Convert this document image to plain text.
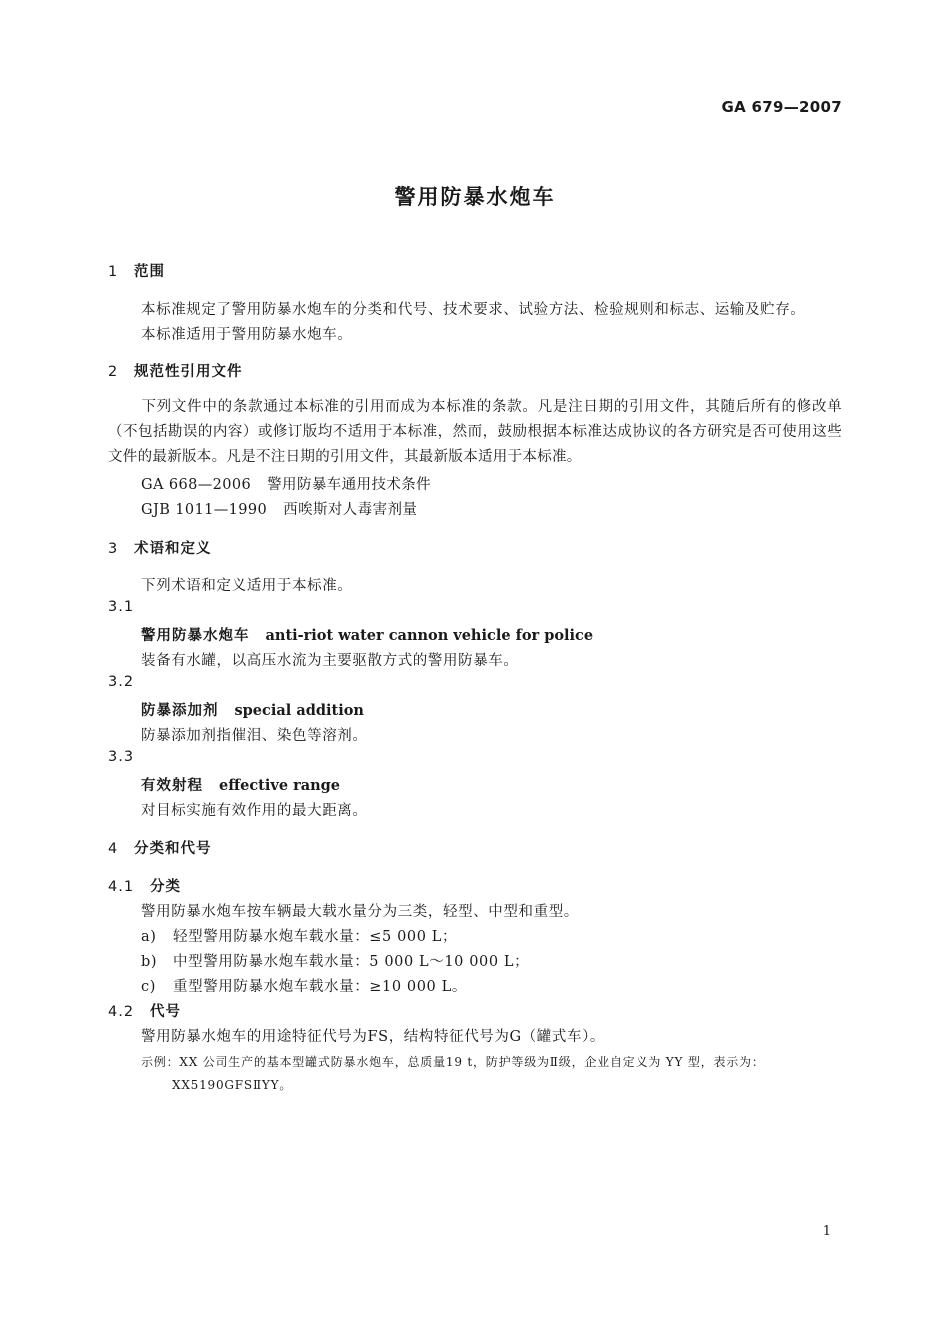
GA 679—2007
警用防暴水炮车
1 范围
本标准规定了警用防暴水炮车的分类和代号、技术要求、试验方法、检验规则和标志、运输及贮存。
本标准适用于警用防暴水炮车。
2 规范性引用文件
下列文件中的条款通过本标准的引用而成为本标准的条款。凡是注日期的引用文件，其随后所有的修改单（不包括勘误的内容）或修订版均不适用于本标准，然而，鼓励根据本标准达成协议的各方研究是否可使用这些文件的最新版本。凡是不注日期的引用文件，其最新版本适用于本标准。
GA 668—2006 警用防暴车通用技术条件
GJB 1011—1990 西唉斯对人毒害剂量
3 术语和定义
下列术语和定义适用于本标准。
3.1
警用防暴水炮车 anti-riot water cannon vehicle for police
装备有水罐，以高压水流为主要驱散方式的警用防暴车。
3.2
防暴添加剂 special addition
防暴添加剂指催泪、染色等溶剂。
3.3
有效射程 effective range
对目标实施有效作用的最大距离。
4 分类和代号
4.1 分类
警用防暴水炮车按车辆最大载水量分为三类，轻型、中型和重型。
a) 轻型警用防暴水炮车载水量：≤5 000 L；
b) 中型警用防暴水炮车载水量：5 000 L～10 000 L；
c) 重型警用防暴水炮车载水量：≥10 000 L。
4.2 代号
警用防暴水炮车的用途特征代号为FS，结构特征代号为G（罐式车）。
示例：XX 公司生产的基本型罐式防暴水炮车，总质量19 t，防护等级为Ⅱ级，企业自定义为 YY 型，表示为：
XX5190GFSⅡYY。
1
